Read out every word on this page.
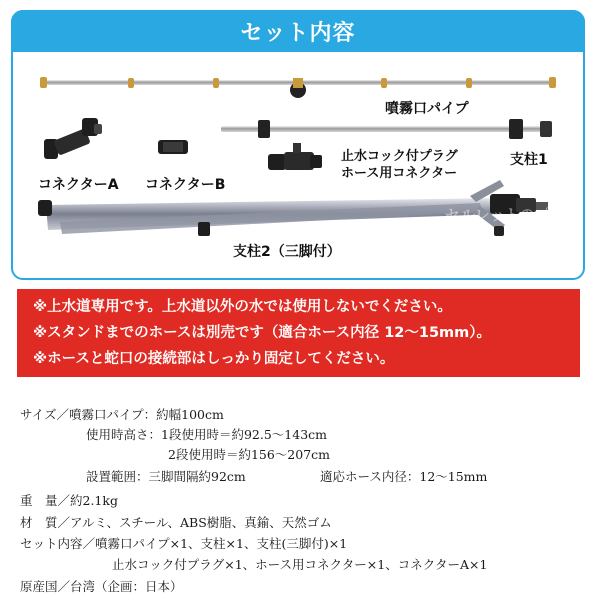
セット内容
セルレットのプ
噴霧口パイプ
コネクターA コネクターB
止水コック付プラグ
ホース用コネクター
支柱1
支柱2（三脚付）
※上水道専用です。上水道以外の水では使用しないでください。
※スタンドまでのホースは別売です（適合ホース内径 12〜15mm）。
※ホースと蛇口の接続部はしっかり固定してください。
サイズ／噴霧口パイプ：約幅100cm
使用時高さ：1段使用時＝約92.5〜143cm
2段使用時＝約156〜207cm
設置範囲：三脚間隔約92cm	適応ホース内径：12〜15mm
重　量／約2.1kg
材　質／アルミ、スチール、ABS樹脂、真鍮、天然ゴム
セット内容／噴霧口パイプ×1、支柱×1、支柱(三脚付)×1
止水コック付プラグ×1、ホース用コネクター×1、コネクターA×1
原産国／台湾（企画：日本）
